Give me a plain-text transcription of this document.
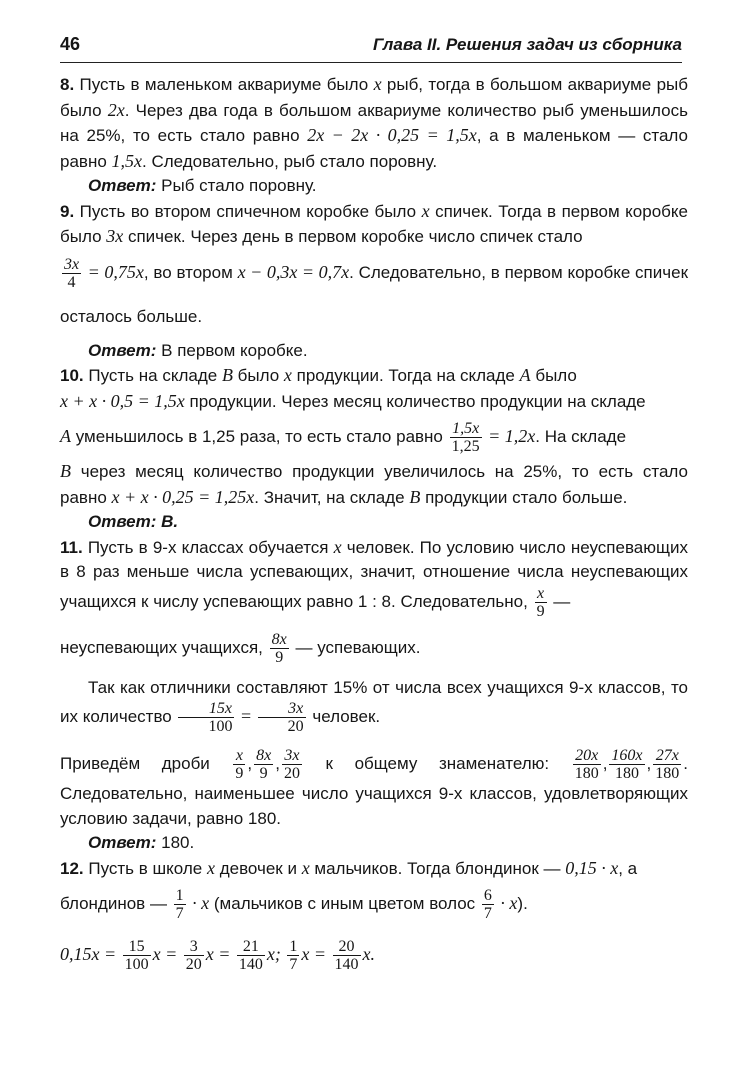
46	Глава II. Решения задач из сборника

8. Пусть в маленьком аквариуме было x рыб, тогда в большом аквариуме рыб было 2x. Через два года в большом аквариуме количество рыб уменьшилось на 25%, то есть стало равно 2x − 2x · 0,25 = 1,5x, а в маленьком — стало равно 1,5x. Следовательно, рыб стало поровну.

Ответ: Рыб стало поровну.

9. Пусть во втором спичечном коробке было x спичек. Тогда в первом коробке было 3x спичек. Через день в первом коробке число спичек стало

$\frac{3x}{4} = 0,75x$, во втором x − 0,3x = 0,7x. Следовательно, в первом коробке спичек осталось больше.

Ответ: В первом коробке.

10. Пусть на складе B было x продукции. Тогда на складе A было
x + x · 0,5 = 1,5x продукции. Через месяц количество продукции на складе

A уменьшилось в 1,25 раза, то есть стало равно $\frac{1,5x}{1,25} = 1,2x$. На складе

B через месяц количество продукции увеличилось на 25%, то есть стало равно x + x · 0,25 = 1,25x. Значит, на складе B продукции стало больше.

Ответ: B.

11. Пусть в 9-х классах обучается x человек. По условию число неуспевающих в 8 раз меньше числа успевающих, значит, отношение числа неуспевающих учащихся к числу успевающих равно 1 : 8. Следовательно, $\frac{x}{9}$ —

неуспевающих учащихся, $\frac{8x}{9}$ — успевающих.

Так как отличники составляют 15% от числа всех учащихся 9-х классов, то их количество $\frac{15x}{100} = \frac{3x}{20}$ человек.

Приведём дроби $\frac{x}{9}$ , $\frac{8x}{9}$ , $\frac{3x}{20}$ к общему знаменателю: $\frac{20x}{180}$ , $\frac{160x}{180}$ , $\frac{27x}{180}$ . Следовательно, наименьшее число учащихся 9-х классов, удовлетворяющих условию задачи, равно 180.

Ответ: 180.

12. Пусть в школе x девочек и x мальчиков. Тогда блондинок — 0,15 · x, а

блондинов — $\frac{1}{7} \cdot x$ (мальчиков с иным цветом волос $\frac{6}{7} \cdot x$).

$0,15x = \frac{15}{100}$ $x = \frac{3}{20}$ $x = \frac{21}{140} x$; $\frac{1}{7}$ $x = \frac{20}{140} x$.
